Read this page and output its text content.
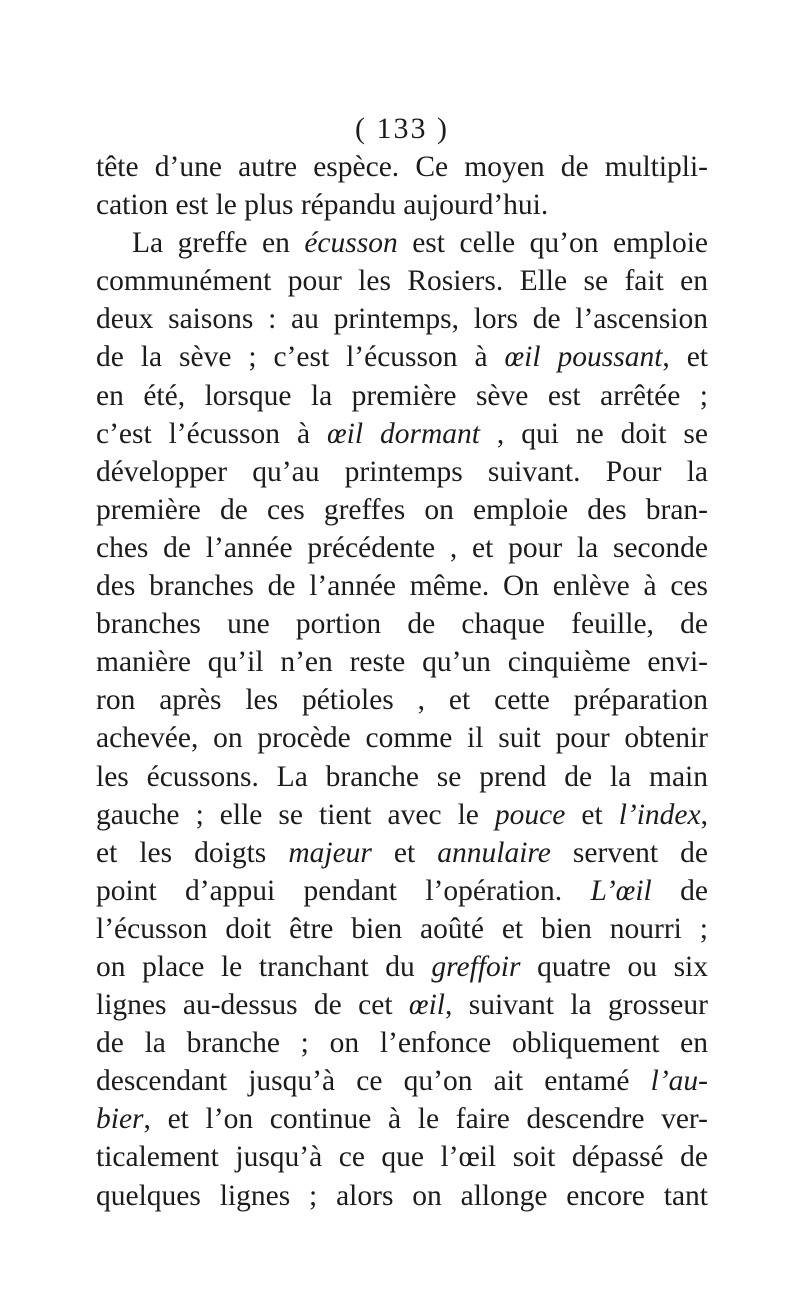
( 133 )
tête d’une autre espèce. Ce moyen de multipli-
cation est le plus répandu aujourd’hui.
La greffe en écusson est celle qu’on emploie
communément pour les Rosiers. Elle se fait en
deux saisons : au printemps, lors de l’ascension
de la sève ; c’est l’écusson à œil poussant, et
en été, lorsque la première sève est arrêtée ;
c’est l’écusson à œil dormant , qui ne doit se
développer qu’au printemps suivant. Pour la
première de ces greffes on emploie des bran-
ches de l’année précédente , et pour la seconde
des branches de l’année même. On enlève à ces
branches une portion de chaque feuille, de
manière qu’il n’en reste qu’un cinquième envi-
ron après les pétioles , et cette préparation
achevée, on procède comme il suit pour obtenir
les écussons. La branche se prend de la main
gauche ; elle se tient avec le pouce et l’index,
et les doigts majeur et annulaire servent de
point d’appui pendant l’opération. L’œil de
l’écusson doit être bien aoûté et bien nourri ;
on place le tranchant du greffoir quatre ou six
lignes au-dessus de cet œil, suivant la grosseur
de la branche ; on l’enfonce obliquement en
descendant jusqu’à ce qu’on ait entamé l’au-
bier, et l’on continue à le faire descendre ver-
ticalement jusqu’à ce que l’œil soit dépassé de
quelques lignes ; alors on allonge encore tant
